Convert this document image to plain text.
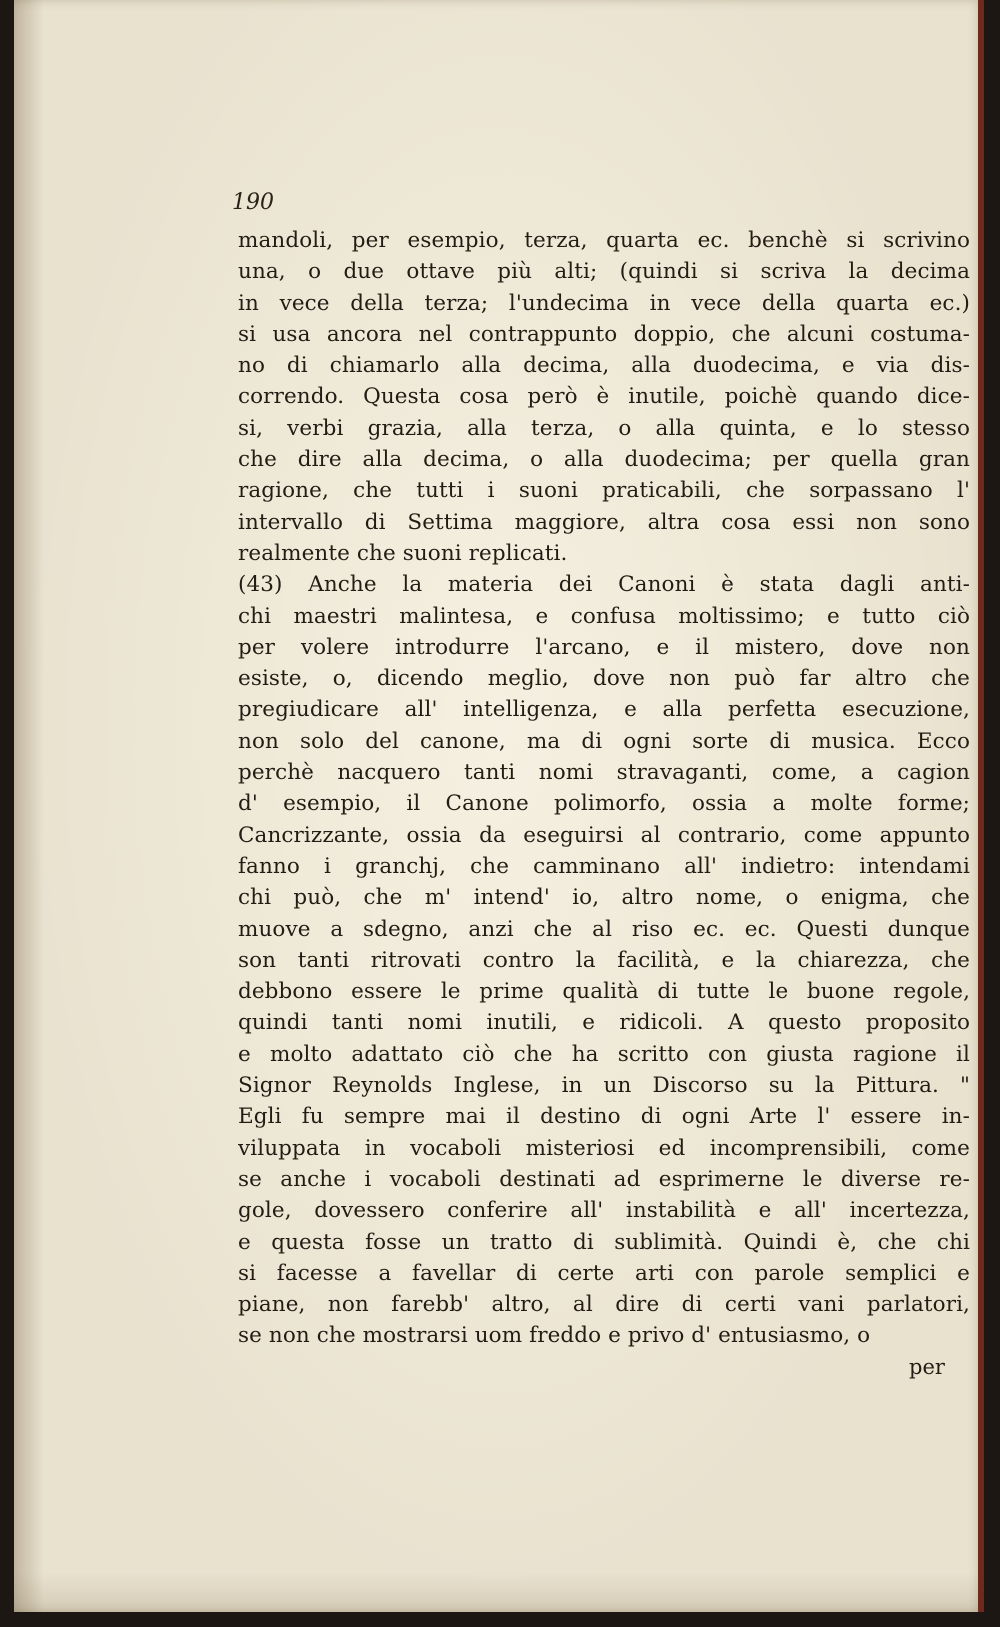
190
mandoli, per esempio, terza, quarta ec. benchè si scrivino
una, o due ottave più alti; (quindi si scriva la decima
in vece della terza; l'undecima in vece della quarta ec.)
si usa ancora nel contrappunto doppio, che alcuni costuma-
no di chiamarlo alla decima, alla duodecima, e via dis-
correndo. Questa cosa però è inutile, poichè quando dice-
si, verbi grazia, alla terza, o alla quinta, e lo stesso
che dire alla decima, o alla duodecima; per quella gran
ragione, che tutti i suoni praticabili, che sorpassano l'
intervallo di Settima maggiore, altra cosa essi non sono
realmente che suoni replicati.
(43) Anche la materia dei Canoni è stata dagli anti-
chi maestri malintesa, e confusa moltissimo; e tutto ciò
per volere introdurre l'arcano, e il mistero, dove non
esiste, o, dicendo meglio, dove non può far altro che
pregiudicare all' intelligenza, e alla perfetta esecuzione,
non solo del canone, ma di ogni sorte di musica. Ecco
perchè nacquero tanti nomi stravaganti, come, a cagion
d' esempio, il Canone polimorfo, ossia a molte forme;
Cancrizzante, ossia da eseguirsi al contrario, come appunto
fanno i granchj, che camminano all' indietro: intendami
chi può, che m' intend' io, altro nome, o enigma, che
muove a sdegno, anzi che al riso ec. ec. Questi dunque
son tanti ritrovati contro la facilità, e la chiarezza, che
debbono essere le prime qualità di tutte le buone regole,
quindi tanti nomi inutili, e ridicoli. A questo proposito
e molto adattato ciò che ha scritto con giusta ragione il
Signor Reynolds Inglese, in un Discorso su la Pittura. "
Egli fu sempre mai il destino di ogni Arte l' essere in-
viluppata in vocaboli misteriosi ed incomprensibili, come
se anche i vocaboli destinati ad esprimerne le diverse re-
gole, dovessero conferire all' instabilità e all' incertezza,
e questa fosse un tratto di sublimità. Quindi è, che chi
si facesse a favellar di certe arti con parole semplici e
piane, non farebb' altro, al dire di certi vani parlatori,
se non che mostrarsi uom freddo e privo d' entusiasmo, o
per
